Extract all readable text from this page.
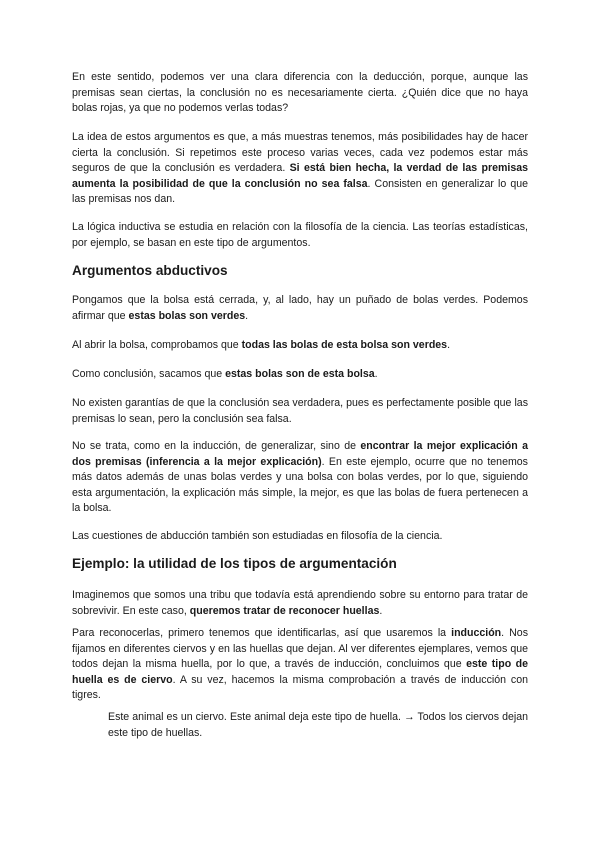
En este sentido, podemos ver una clara diferencia con la deducción, porque, aunque las premisas sean ciertas, la conclusión no es necesariamente cierta. ¿Quién dice que no haya bolas rojas, ya que no podemos verlas todas?

La idea de estos argumentos es que, a más muestras tenemos, más posibilidades hay de hacer cierta la conclusión. Si repetimos este proceso varias veces, cada vez podemos estar más seguros de que la conclusión es verdadera. Si está bien hecha, la verdad de las premisas aumenta la posibilidad de que la conclusión no sea falsa. Consisten en generalizar lo que las premisas nos dan.

La lógica inductiva se estudia en relación con la filosofía de la ciencia. Las teorías estadísticas, por ejemplo, se basan en este tipo de argumentos.

Argumentos abductivos

Pongamos que la bolsa está cerrada, y, al lado, hay un puñado de bolas verdes. Podemos afirmar que estas bolas son verdes.

Al abrir la bolsa, comprobamos que todas las bolas de esta bolsa son verdes.

Como conclusión, sacamos que estas bolas son de esta bolsa.

No existen garantías de que la conclusión sea verdadera, pues es perfectamente posible que las premisas lo sean, pero la conclusión sea falsa.

No se trata, como en la inducción, de generalizar, sino de encontrar la mejor explicación a dos premisas (inferencia a la mejor explicación). En este ejemplo, ocurre que no tenemos más datos además de unas bolas verdes y una bolsa con bolas verdes, por lo que, siguiendo esta argumentación, la explicación más simple, la mejor, es que las bolas de fuera pertenecen a la bolsa.

Las cuestiones de abducción también son estudiadas en filosofía de la ciencia.

Ejemplo: la utilidad de los tipos de argumentación

Imaginemos que somos una tribu que todavía está aprendiendo sobre su entorno para tratar de sobrevivir. En este caso, queremos tratar de reconocer huellas.

Para reconocerlas, primero tenemos que identificarlas, así que usaremos la inducción. Nos fijamos en diferentes ciervos y en las huellas que dejan. Al ver diferentes ejemplares, vemos que todos dejan la misma huella, por lo que, a través de inducción, concluimos que este tipo de huella es de ciervo. A su vez, hacemos la misma comprobación a través de inducción con tigres.

Este animal es un ciervo. Este animal deja este tipo de huella. → Todos los ciervos dejan este tipo de huellas.
